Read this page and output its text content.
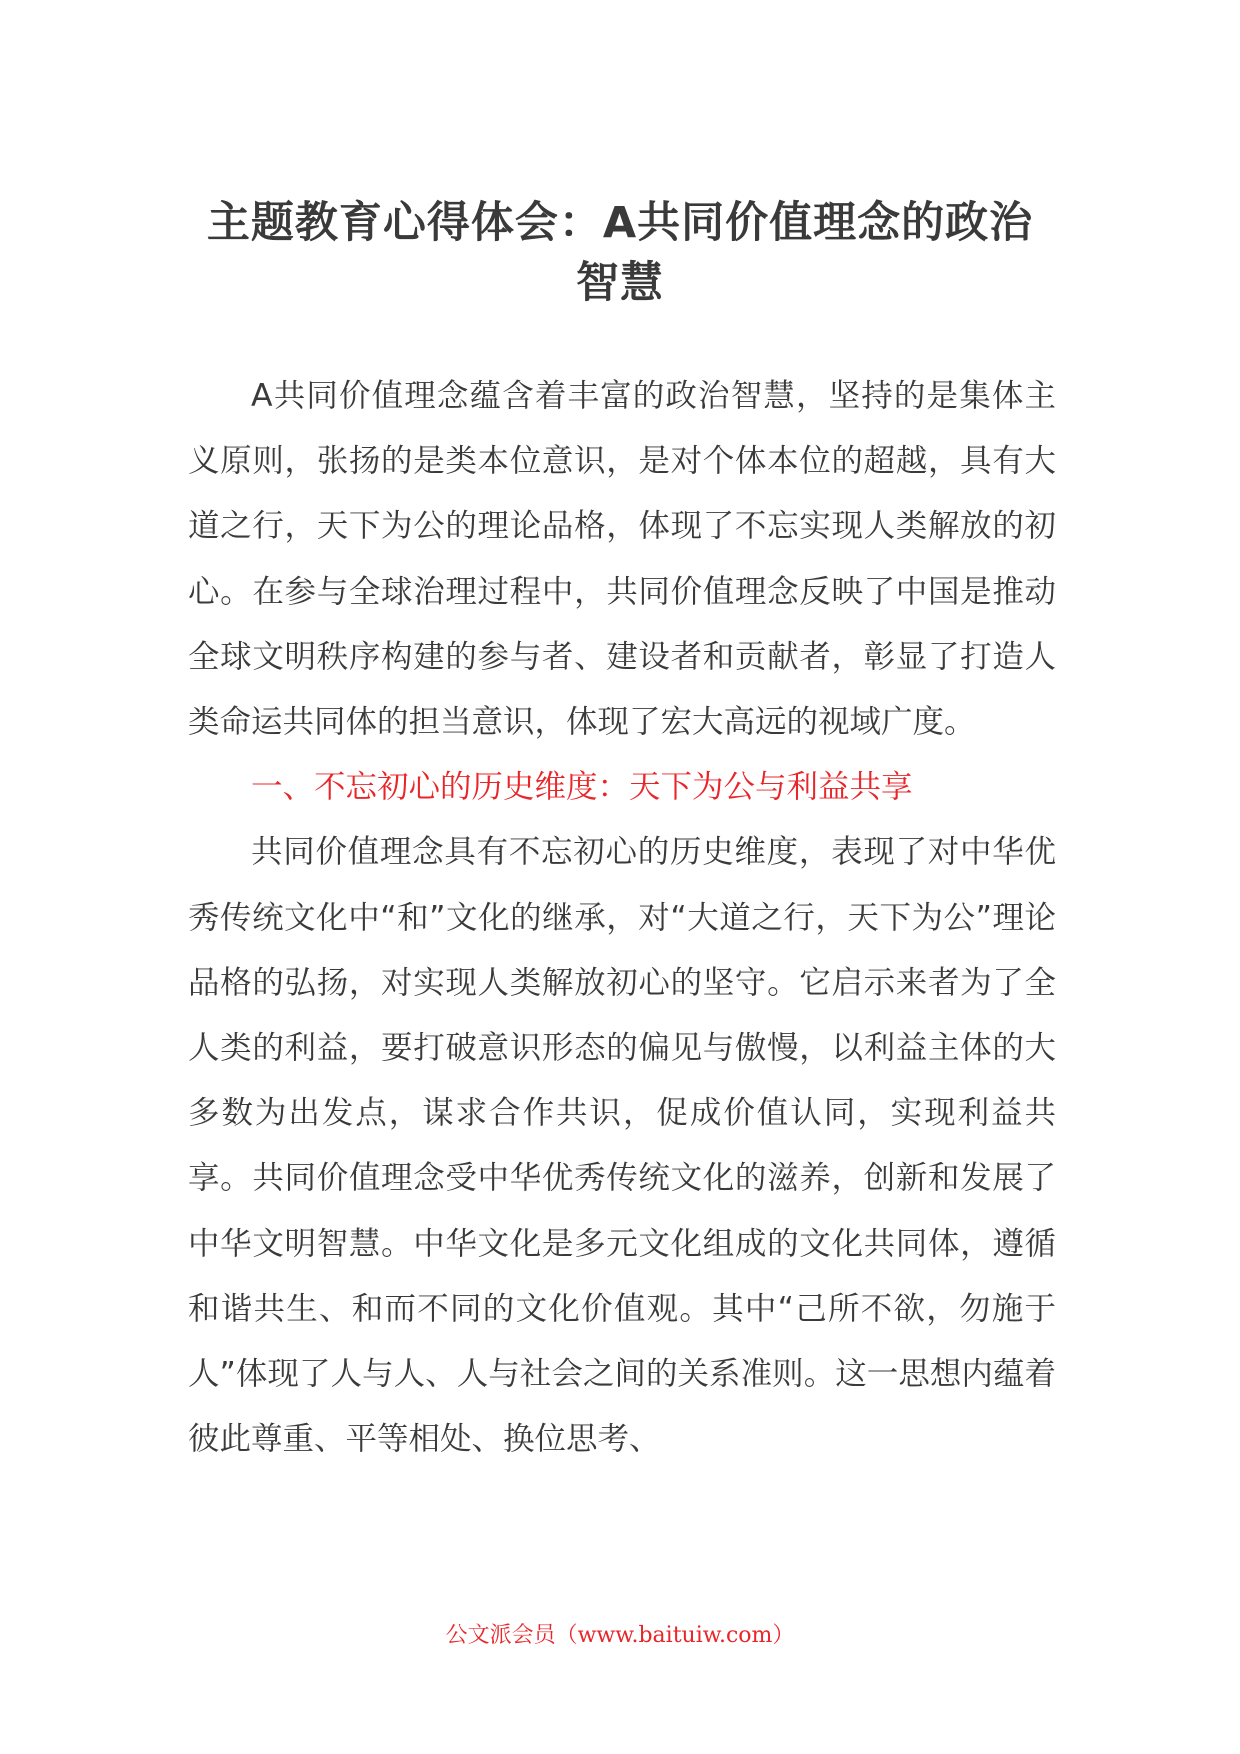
主题教育心得体会：A共同价值理念的政治智慧

A共同价值理念蕴含着丰富的政治智慧，坚持的是集体主义原则，张扬的是类本位意识，是对个体本位的超越，具有大道之行，天下为公的理论品格，体现了不忘实现人类解放的初心。在参与全球治理过程中，共同价值理念反映了中国是推动全球文明秩序构建的参与者、建设者和贡献者，彰显了打造人类命运共同体的担当意识，体现了宏大高远的视域广度。

一、不忘初心的历史维度：天下为公与利益共享

共同价值理念具有不忘初心的历史维度，表现了对中华优秀传统文化中“和”文化的继承，对“大道之行，天下为公”理论品格的弘扬，对实现人类解放初心的坚守。它启示来者为了全人类的利益，要打破意识形态的偏见与傲慢，以利益主体的大多数为出发点，谋求合作共识，促成价值认同，实现利益共享。共同价值理念受中华优秀传统文化的滋养，创新和发展了中华文明智慧。中华文化是多元文化组成的文化共同体，遵循和谐共生、和而不同的文化价值观。其中“己所不欲，勿施于人”体现了人与人、人与社会之间的关系准则。这一思想内蕴着彼此尊重、平等相处、换位思考、

公文派会员（www.baituiw.com）
